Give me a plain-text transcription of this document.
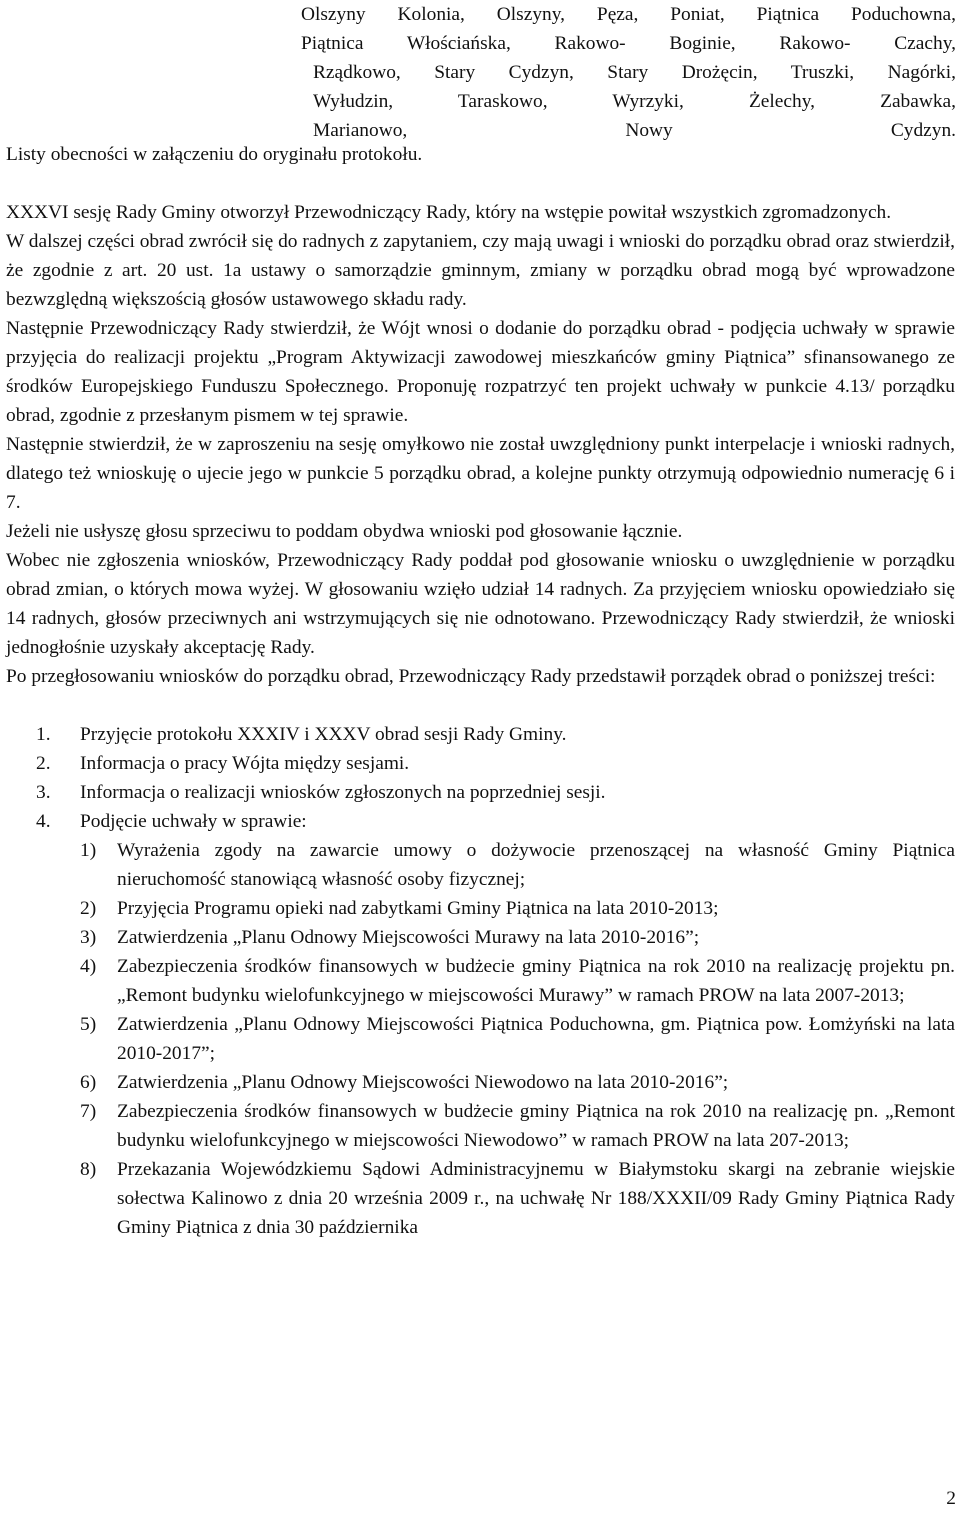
Olszyny Kolonia, Olszyny, Pęza, Poniat, Piątnica Poduchowna,
Piątnica Włościańska, Rakowo- Boginie, Rakowo- Czachy,
Rządkowo, Stary Cydzyn, Stary Drożęcin, Truszki, Nagórki,
Wyłudzin, Taraskowo, Wyrzyki, Żelechy, Zabawka,
Marianowo, Nowy Cydzyn.

Listy obecności w załączeniu do oryginału protokołu.

XXXVI sesję Rady Gminy otworzył Przewodniczący Rady, który na wstępie powitał wszystkich zgromadzonych.

W dalszej części obrad zwrócił się do radnych z zapytaniem, czy mają uwagi i wnioski do porządku obrad oraz stwierdził, że zgodnie z art. 20 ust. 1a ustawy o samorządzie gminnym, zmiany w porządku obrad mogą być wprowadzone bezwzględną większością głosów ustawowego składu rady.

Następnie Przewodniczący Rady stwierdził, że Wójt wnosi o dodanie do porządku obrad - podjęcia uchwały w sprawie przyjęcia do realizacji projektu „Program Aktywizacji zawodowej mieszkańców gminy Piątnica” sfinansowanego ze środków Europejskiego Funduszu Społecznego. Proponuję rozpatrzyć ten projekt uchwały w punkcie 4.13/ porządku obrad, zgodnie z przesłanym pismem w tej sprawie.

Następnie stwierdził, że w zaproszeniu na sesję omyłkowo nie został uwzględniony punkt interpelacje i wnioski radnych, dlatego też wnioskuję o ujecie jego w punkcie 5 porządku obrad, a kolejne punkty otrzymują odpowiednio numerację 6 i 7.

Jeżeli nie usłyszę głosu sprzeciwu to poddam obydwa wnioski pod głosowanie łącznie.

Wobec nie zgłoszenia wniosków, Przewodniczący Rady poddał pod głosowanie wniosku o uwzględnienie w porządku obrad zmian, o których mowa wyżej. W głosowaniu wzięło udział 14 radnych. Za przyjęciem wniosku opowiedziało się 14 radnych, głosów przeciwnych ani wstrzymujących się nie odnotowano. Przewodniczący Rady stwierdził, że wnioski jednogłośnie uzyskały akceptację Rady.

Po przegłosowaniu wniosków do porządku obrad, Przewodniczący Rady przedstawił porządek obrad o poniższej treści:

1. Przyjęcie protokołu XXXIV i XXXV obrad sesji Rady Gminy.
2. Informacja o pracy Wójta między sesjami.
3. Informacja o realizacji wniosków zgłoszonych na poprzedniej sesji.
4. Podjęcie uchwały w sprawie:
1) Wyrażenia zgody na zawarcie umowy o dożywocie przenoszącej na własność Gminy Piątnica nieruchomość stanowiącą własność osoby fizycznej;
2) Przyjęcia Programu opieki nad zabytkami Gminy Piątnica na lata 2010-2013;
3) Zatwierdzenia „Planu Odnowy Miejscowości Murawy na lata 2010-2016”;
4) Zabezpieczenia środków finansowych w budżecie gminy Piątnica na rok 2010 na realizację projektu pn. „Remont budynku wielofunkcyjnego w miejscowości Murawy” w ramach PROW na lata 2007-2013;
5) Zatwierdzenia „Planu Odnowy Miejscowości Piątnica Poduchowna, gm. Piątnica pow. Łomżyński na lata 2010-2017”;
6) Zatwierdzenia „Planu Odnowy Miejscowości Niewodowo na lata 2010-2016”;
7) Zabezpieczenia środków finansowych w budżecie gminy Piątnica na rok 2010 na realizację pn. „Remont budynku wielofunkcyjnego w miejscowości Niewodowo” w ramach PROW na lata 207-2013;
8) Przekazania Wojewódzkiemu Sądowi Administracyjnemu w Białymstoku skargi na zebranie wiejskie sołectwa Kalinowo z dnia 20 września 2009 r., na uchwałę Nr 188/XXXII/09 Rady Gminy Piątnica Rady Gminy Piątnica z dnia 30 października
2
